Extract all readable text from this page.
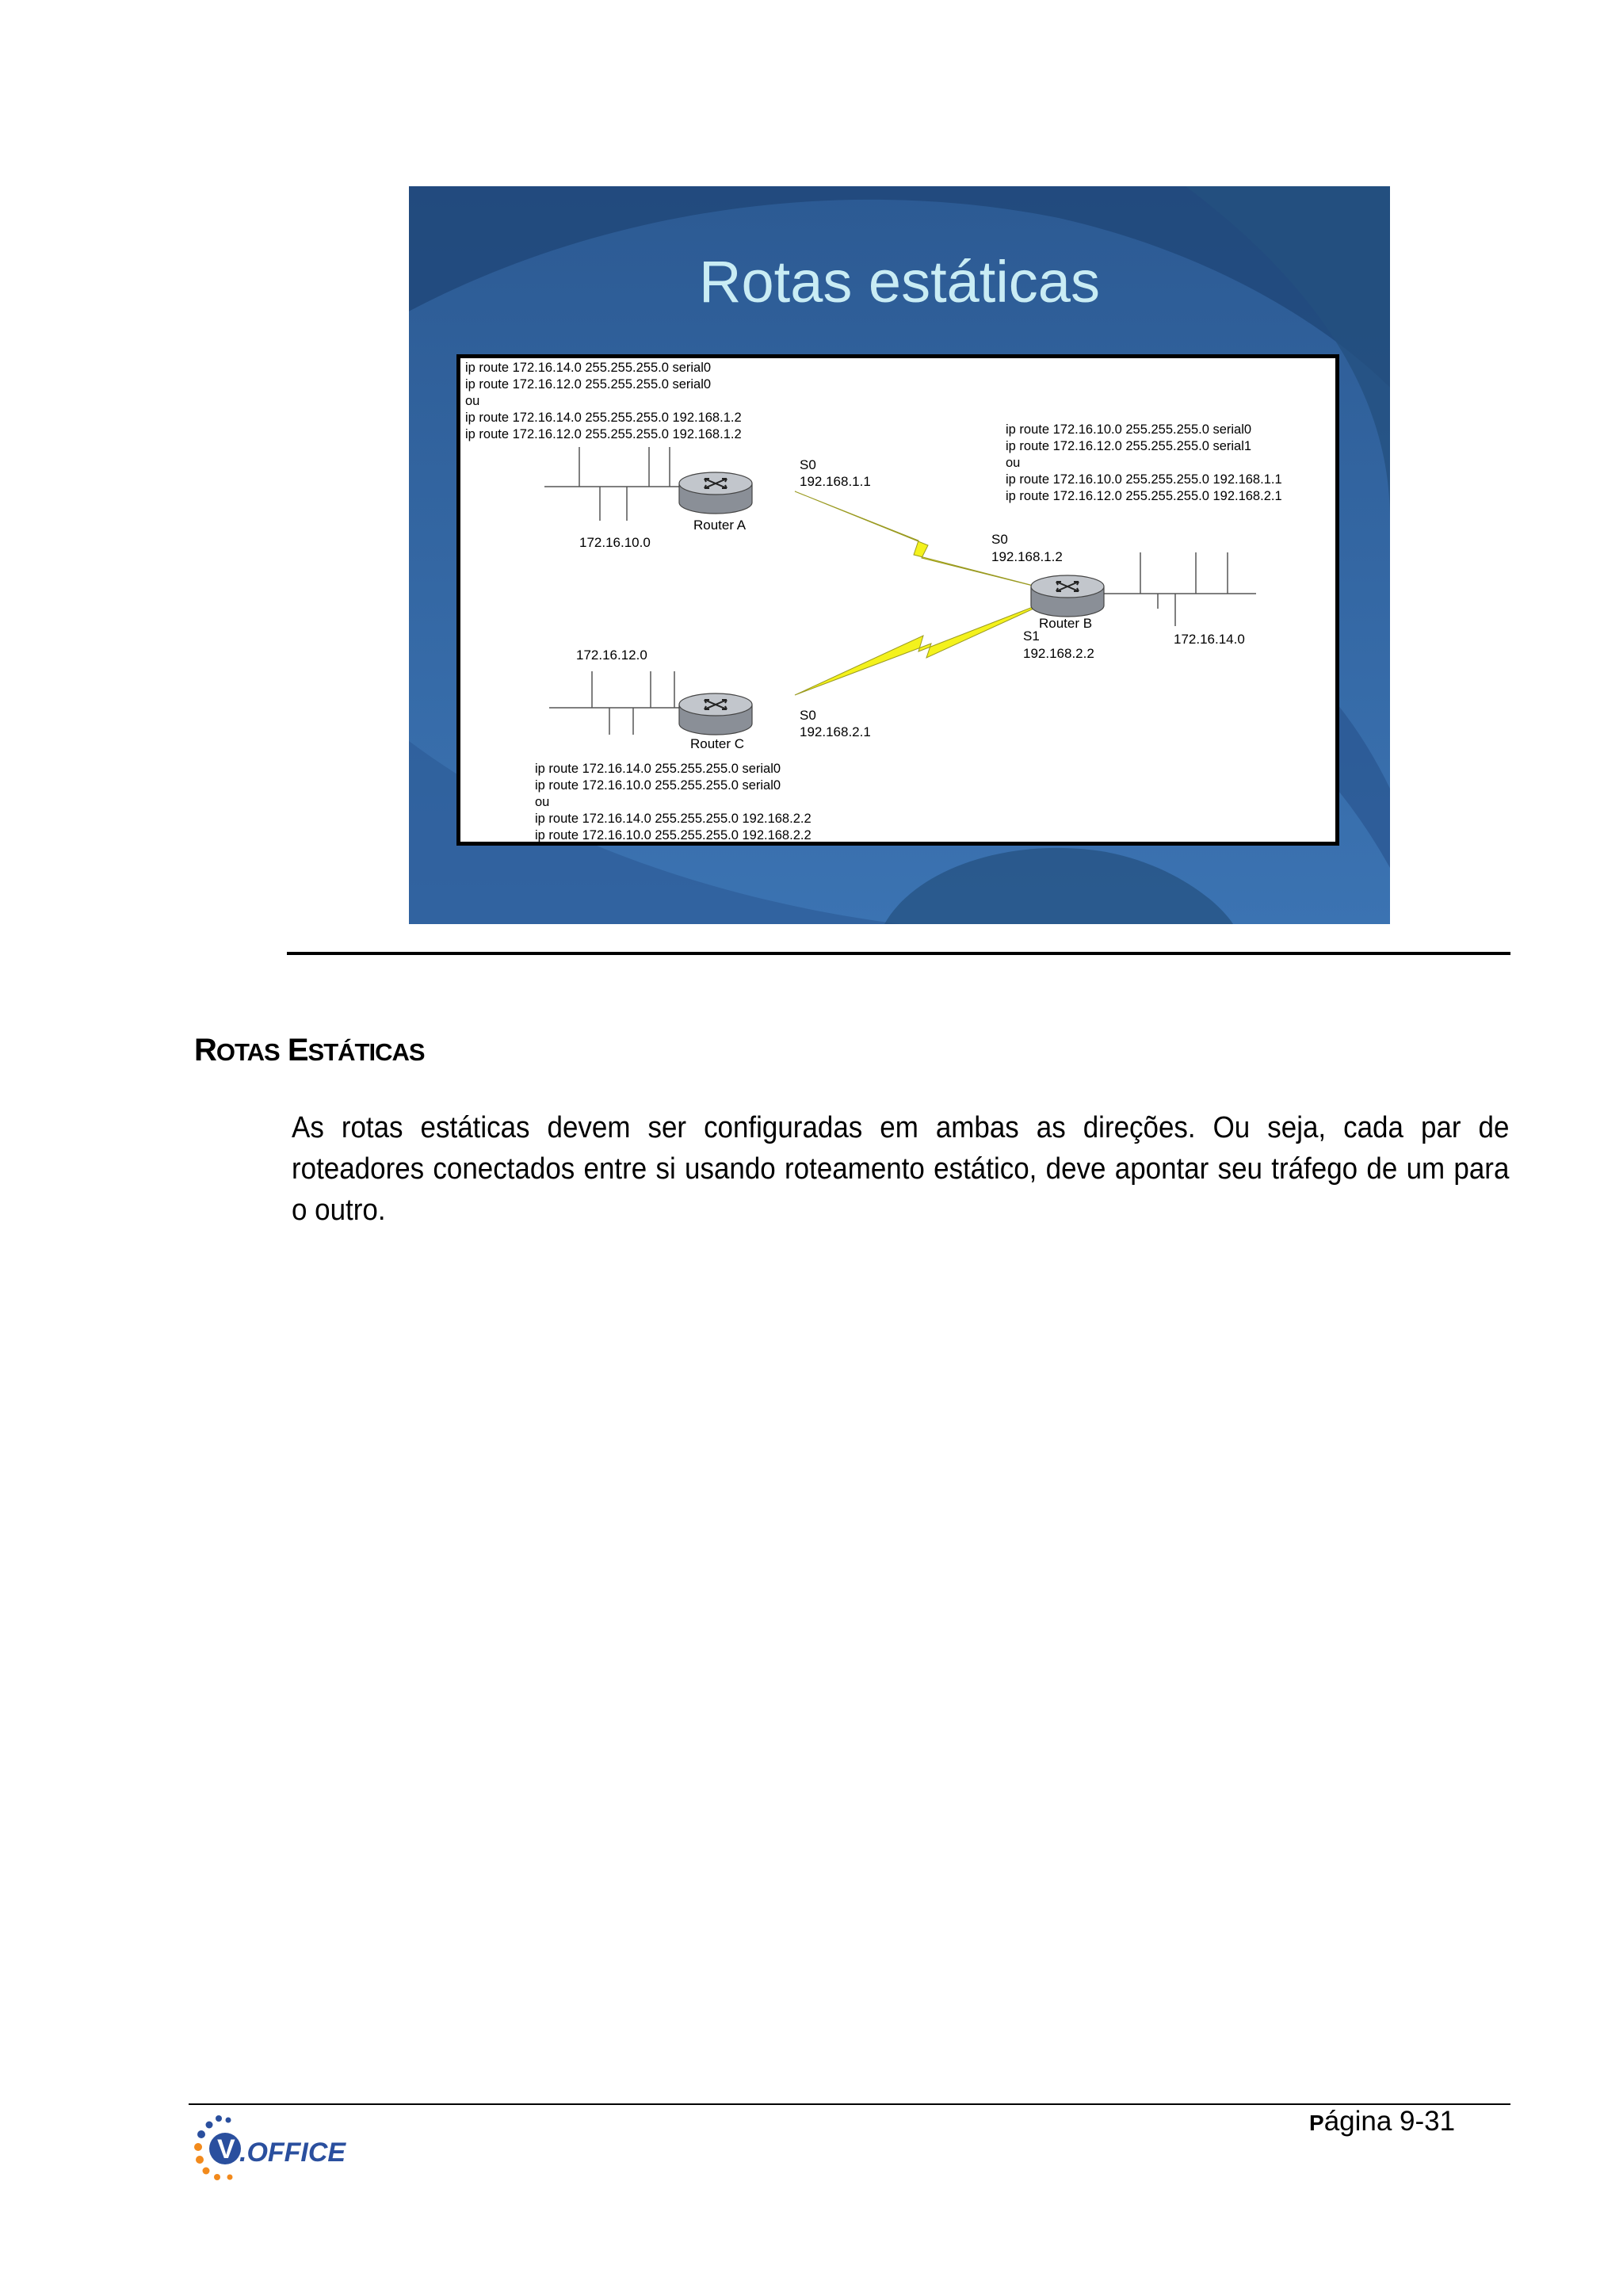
Rotas estáticas
ip route 172.16.14.0 255.255.255.0 serial0
ip route 172.16.12.0 255.255.255.0 serial0
ou
ip route 172.16.14.0 255.255.255.0 192.168.1.2
ip route 172.16.12.0 255.255.255.0 192.168.1.2	ip route 172.16.10.0 255.255.255.0 serial0
ip route 172.16.12.0 255.255.255.0 serial1
ou
ip route 172.16.10.0 255.255.255.0 192.168.1.1
ip route 172.16.12.0 255.255.255.0 192.168.2.1
ip route 172.16.14.0 255.255.255.0 serial0
ip route 172.16.10.0 255.255.255.0 serial0
ou
ip route 172.16.14.0 255.255.255.0 192.168.2.2
ip route 172.16.10.0 255.255.255.0 192.168.2.2
Router A
172.16.10.0
S0
192.168.1.1
S0
192.168.1.2
Router B
S1
192.168.2.2
172.16.14.0
172.16.12.0
S0
192.168.2.1
Router C
ROTAS ESTÁTICAS
As rotas estáticas devem ser configuradas em ambas as direções. Ou seja, cada par de roteadores conectados entre si usando roteamento estático, deve apontar seu tráfego de um para o outro.
V .OFFICE
Página 9-31
